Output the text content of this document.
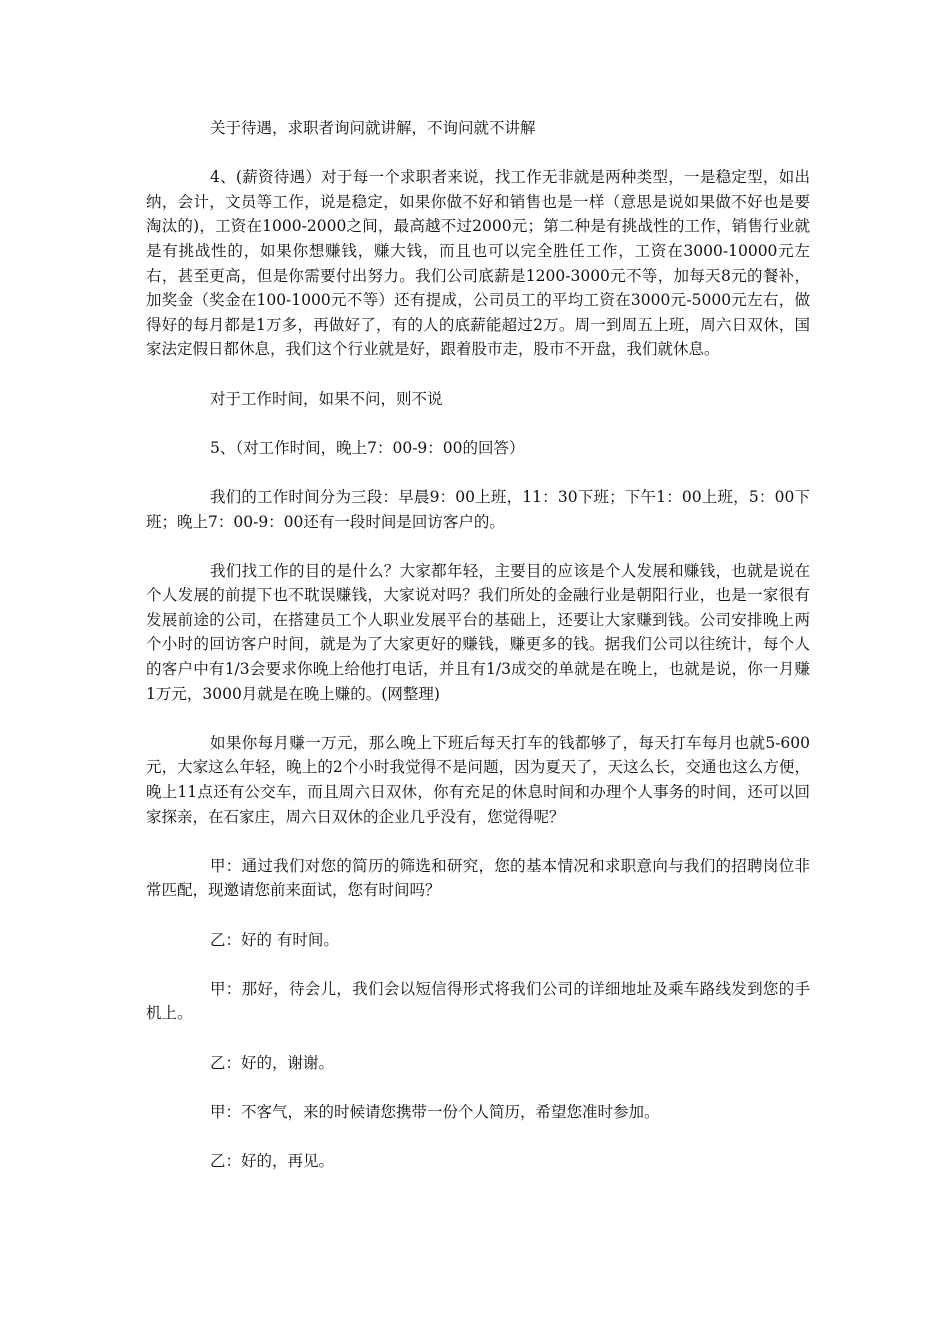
关于待遇，求职者询问就讲解，不询问就不讲解

4、(薪资待遇）对于每一个求职者来说，找工作无非就是两种类型，一是稳定型，如出纳，会计，文员等工作，说是稳定，如果你做不好和销售也是一样（意思是说如果做不好也是要淘汰的)，工资在1000-2000之间，最高越不过2000元；第二种是有挑战性的工作，销售行业就是有挑战性的，如果你想赚钱，赚大钱，而且也可以完全胜任工作，工资在3000-10000元左右，甚至更高，但是你需要付出努力。我们公司底薪是1200-3000元不等，加每天8元的餐补，加奖金（奖金在100-1000元不等）还有提成，公司员工的平均工资在3000元-5000元左右，做得好的每月都是1万多，再做好了，有的人的底薪能超过2万。周一到周五上班，周六日双休，国家法定假日都休息，我们这个行业就是好，跟着股市走，股市不开盘，我们就休息。

对于工作时间，如果不问，则不说

5、（对工作时间，晚上7：00-9：00的回答）

我们的工作时间分为三段：早晨9：00上班，11：30下班；下午1：00上班，5：00下班；晚上7：00-9：00还有一段时间是回访客户的。

我们找工作的目的是什么？大家都年轻，主要目的应该是个人发展和赚钱，也就是说在个人发展的前提下也不耽误赚钱，大家说对吗？我们所处的金融行业是朝阳行业，也是一家很有发展前途的公司，在搭建员工个人职业发展平台的基础上，还要让大家赚到钱。公司安排晚上两个小时的回访客户时间，就是为了大家更好的赚钱，赚更多的钱。据我们公司以往统计，每个人的客户中有1/3会要求你晚上给他打电话，并且有1/3成交的单就是在晚上，也就是说，你一月赚1万元，3000月就是在晚上赚的。(网整理)

如果你每月赚一万元，那么晚上下班后每天打车的钱都够了，每天打车每月也就5-600元，大家这么年轻，晚上的2个小时我觉得不是问题，因为夏天了，天这么长，交通也这么方便，晚上11点还有公交车，而且周六日双休，你有充足的休息时间和办理个人事务的时间，还可以回家探亲，在石家庄，周六日双休的企业几乎没有，您觉得呢？

甲：通过我们对您的简历的筛选和研究，您的基本情况和求职意向与我们的招聘岗位非常匹配，现邀请您前来面试，您有时间吗？

乙：好的 有时间。

甲：那好，待会儿，我们会以短信得形式将我们公司的详细地址及乘车路线发到您的手机上。

乙：好的，谢谢。

甲：不客气，来的时候请您携带一份个人简历，希望您准时参加。

乙：好的，再见。
